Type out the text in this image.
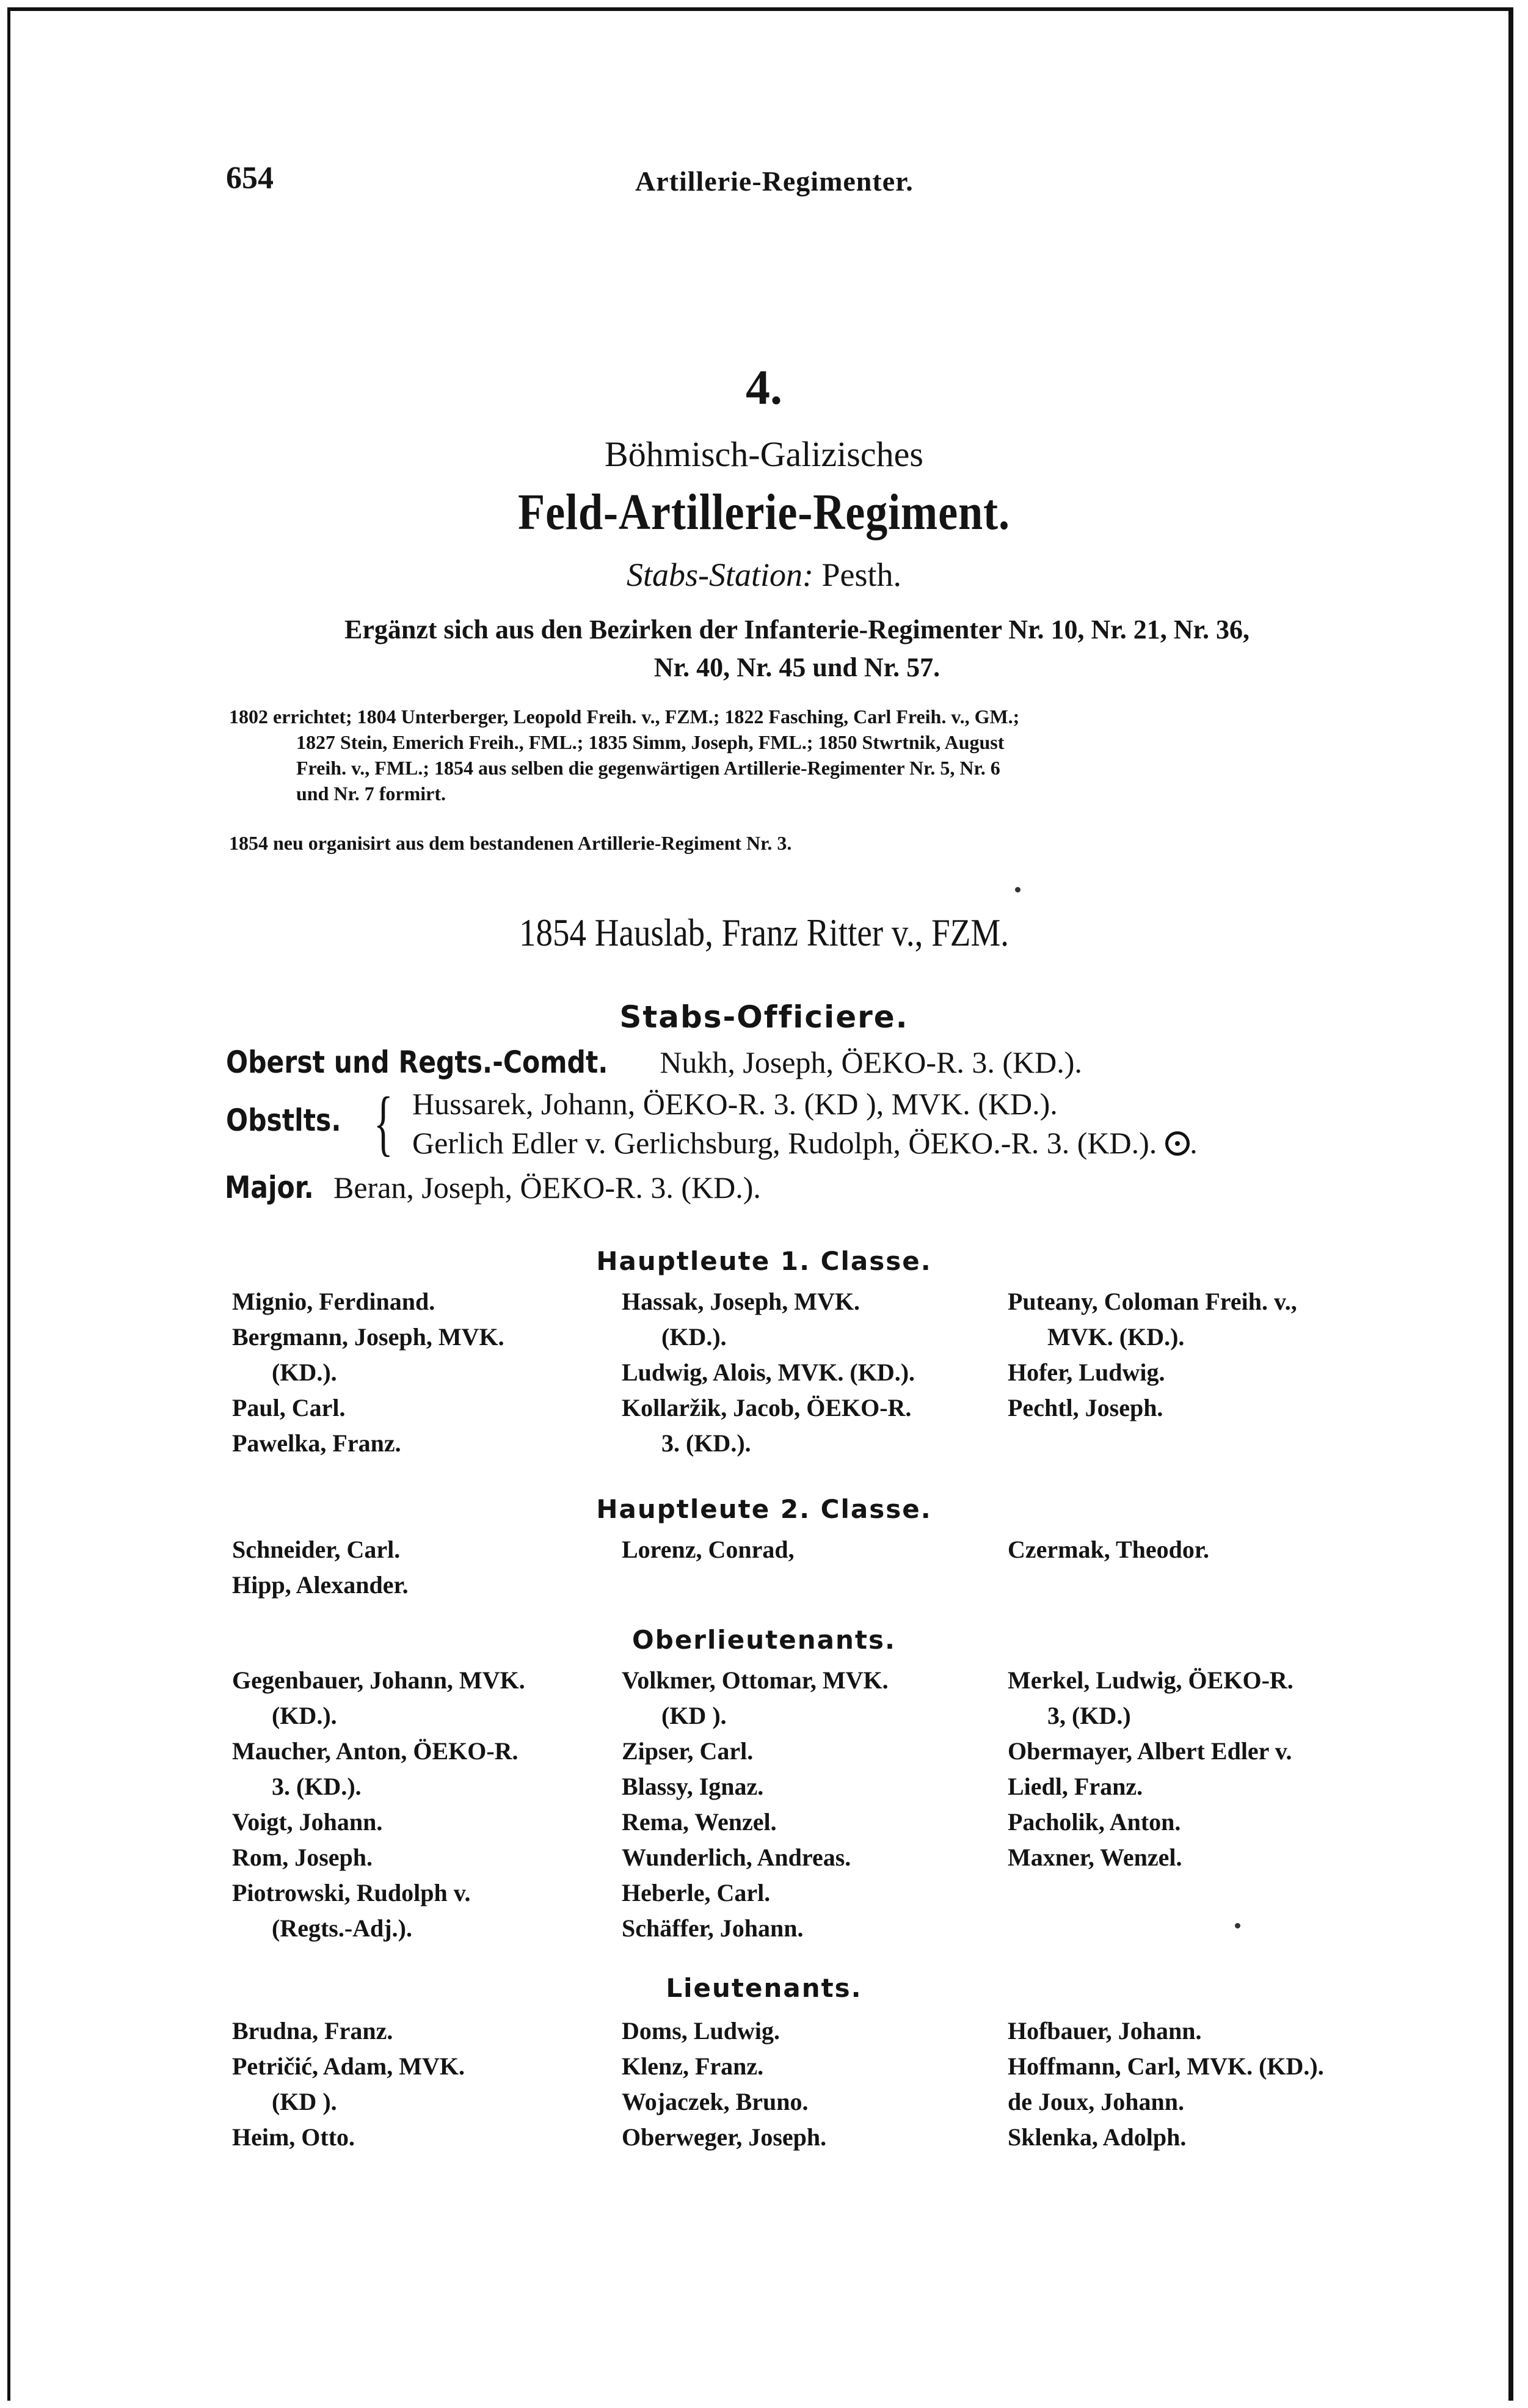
654	Artillerie-Regimenter.
4.
Böhmisch-Galizisches
Feld-Artillerie-Regiment.
Stabs-Station: Pesth.
Ergänzt sich aus den Bezirken der Infanterie-Regimenter Nr. 10, Nr. 21, Nr. 36,
Nr. 40, Nr. 45 und Nr. 57.
1802 errichtet; 1804 Unterberger, Leopold Freih. v., FZM.; 1822 Fasching, Carl Freih. v., GM.;
1827 Stein, Emerich Freih., FML.; 1835 Simm, Joseph, FML.; 1850 Stwrtnik, August
Freih. v., FML.; 1854 aus selben die gegenwärtigen Artillerie-Regimenter Nr. 5, Nr. 6
und Nr. 7 formirt.
1854 neu organisirt aus dem bestandenen Artillerie-Regiment Nr. 3.
1854 Hauslab, Franz Ritter v., FZM.
Stabs-Officiere.
Oberst und Regts.-Comdt. Nukh, Joseph, ÖEKO-R. 3. (KD.).
Obstlts. { Hussarek, Johann, ÖEKO-R. 3. (KD ), MVK. (KD.).
Gerlich Edler v. Gerlichsburg, Rudolph, ÖEKO.-R. 3. (KD.). .
Major. Beran, Joseph, ÖEKO-R. 3. (KD.).
Hauptleute 1. Classe.
Mignio, Ferdinand.
Bergmann, Joseph, MVK.
(KD.).
Paul, Carl.
Pawelka, Franz.
Hassak, Joseph, MVK.
(KD.).
Ludwig, Alois, MVK. (KD.).
Kollaržik, Jacob, ÖEKO-R.
3. (KD.).
Puteany, Coloman Freih. v.,
MVK. (KD.).
Hofer, Ludwig.
Pechtl, Joseph.
Hauptleute 2. Classe.
Schneider, Carl.
Hipp, Alexander.
Lorenz, Conrad,	Czermak, Theodor.
Oberlieutenants.
Gegenbauer, Johann, MVK.
(KD.).
Maucher, Anton, ÖEKO-R.
3. (KD.).
Voigt, Johann.
Rom, Joseph.
Piotrowski, Rudolph v.
(Regts.-Adj.).
Volkmer, Ottomar, MVK.
(KD ).
Zipser, Carl.
Blassy, Ignaz.
Rema, Wenzel.
Wunderlich, Andreas.
Heberle, Carl.
Schäffer, Johann.
Merkel, Ludwig, ÖEKO-R.
3, (KD.)
Obermayer, Albert Edler v.
Liedl, Franz.
Pacholik, Anton.
Maxner, Wenzel.
Lieutenants.
Brudna, Franz.
Petričić, Adam, MVK.
(KD ).
Heim, Otto.
Doms, Ludwig.
Klenz, Franz.
Wojaczek, Bruno.
Oberweger, Joseph.
Hofbauer, Johann.
Hoffmann, Carl, MVK. (KD.).
de Joux, Johann.
Sklenka, Adolph.
